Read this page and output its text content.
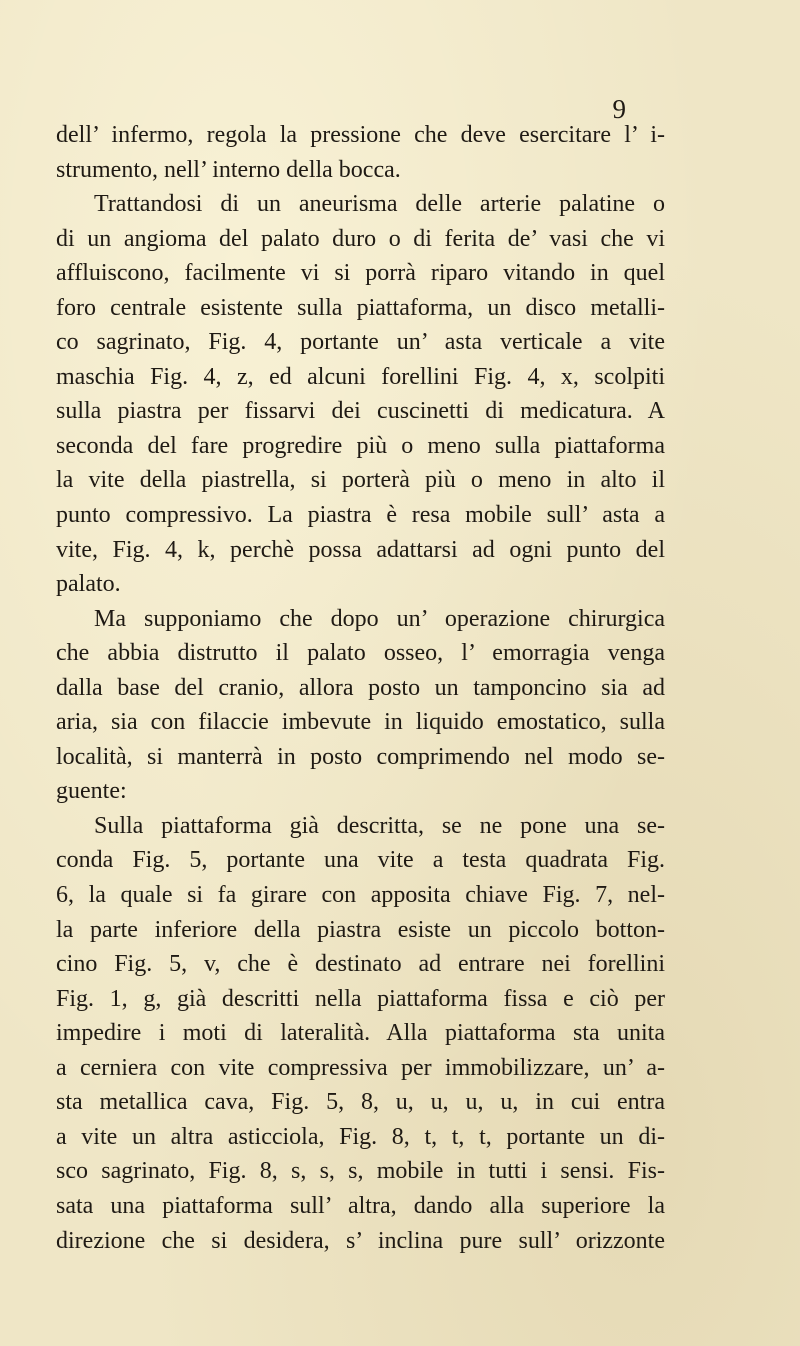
9
dell’ infermo, regola la pressione che deve esercitare l’ i-
strumento, nell’ interno della bocca.
Trattandosi di un aneurisma delle arterie palatine o
di un angioma del palato duro o di ferita de’ vasi che vi
affluiscono, facilmente vi si porrà riparo vitando in quel
foro centrale esistente sulla piattaforma, un disco metalli-
co sagrinato, Fig. 4, portante un’ asta verticale a vite
maschia Fig. 4, z, ed alcuni forellini Fig. 4, x, scolpiti
sulla piastra per fissarvi dei cuscinetti di medicatura. A
seconda del fare progredire più o meno sulla piattaforma
la vite della piastrella, si porterà più o meno in alto il
punto compressivo. La piastra è resa mobile sull’ asta a
vite, Fig. 4, k, perchè possa adattarsi ad ogni punto del
palato.
Ma supponiamo che dopo un’ operazione chirurgica
che abbia distrutto il palato osseo, l’ emorragia venga
dalla base del cranio, allora posto un tamponcino sia ad
aria, sia con filaccie imbevute in liquido emostatico, sulla
località, si manterrà in posto comprimendo nel modo se-
guente:
Sulla piattaforma già descritta, se ne pone una se-
conda Fig. 5, portante una vite a testa quadrata Fig.
6, la quale si fa girare con apposita chiave Fig. 7, nel-
la parte inferiore della piastra esiste un piccolo botton-
cino Fig. 5, v, che è destinato ad entrare nei forellini
Fig. 1, g, già descritti nella piattaforma fissa e ciò per
impedire i moti di lateralità. Alla piattaforma sta unita
a cerniera con vite compressiva per immobilizzare, un’ a-
sta metallica cava, Fig. 5, 8, u, u, u, u, in cui entra
a vite un altra asticciola, Fig. 8, t, t, t, portante un di-
sco sagrinato, Fig. 8, s, s, s, mobile in tutti i sensi. Fis-
sata una piattaforma sull’ altra, dando alla superiore la
direzione che si desidera, s’ inclina pure sull’ orizzonte
